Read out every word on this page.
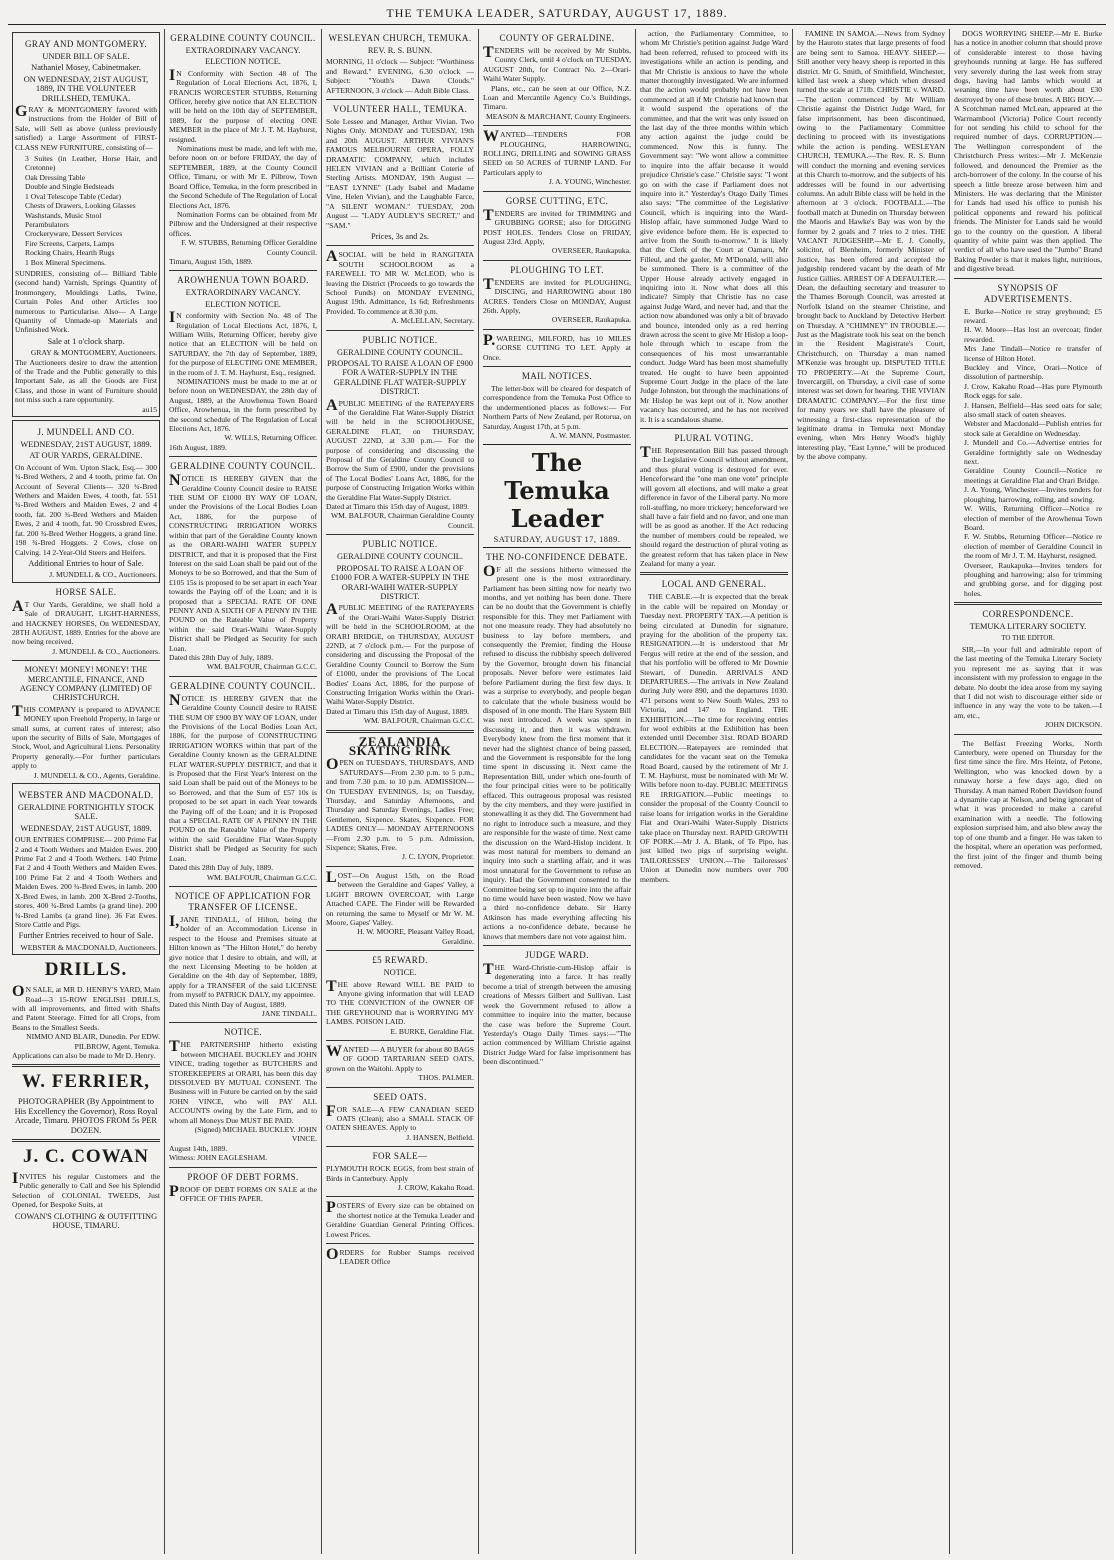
THE TEMUKA LEADER, SATURDAY, AUGUST 17, 1889.
GRAY AND MONTGOMERY.
UNDER BILL OF SALE.
Nathaniel Mosey, Cabinetmaker.
ON WEDNESDAY, 21ST AUGUST, 1889, IN THE VOLUNTEER DRILLSHED, TEMUKA.
GRAY & MONTGOMERY favored with instructions from the Holder of Bill of Sale, will Sell as above (unless previously satisfied) a Large Assortment of FIRST-CLASS NEW FURNITURE, consisting of—
3 Suites (in Leather, Horse Hair, and Cretonne)
Oak Dressing Table
Double and Single Bedsteads
1 Oval Telescope Table (Cedar)
Chests of Drawers, Looking Glasses
Washstands, Music Stool
Perambulators
Crockeryware, Dessert Services
Fire Screens, Carpets, Lamps
Rocking Chairs, Hearth Rugs
1 Box Mineral Specimens.
SUNDRIES, consisting of— Billiard Table (second hand) Varnish, Springs Quantity of Ironmongery, Mouldings Laths, Twine, Curtain Poles And other Articles too numerous to Particularise. Also— A Large Quantity of Unmade-up Materials and Unfinished Work.
Sale at 1 o'clock sharp.
GRAY & MONTGOMERY, Auctioneers.
The Auctioneers desire to draw the attention of the Trade and the Public generally to this Important Sale, as all the Goods are First Class, and those in want of Furniture should not miss such a rare opportunity.
au15
J. MUNDELL AND CO.
WEDNESDAY, 21ST AUGUST, 1889.
AT OUR YARDS, GERALDINE.
On Account of Wm. Upton Slack, Esq.— 300 ¾-Bred Wethers, 2 and 4 tooth, prime fat. On Account of Several Clients— 320 ¾-Bred Wethers and Maiden Ewes, 4 tooth, fat. 551 ¾-Bred Wethers and Maiden Ewes, 2 and 4 tooth, fat. 200 ¾-Bred Wethers and Maiden Ewes, 2 and 4 tooth, fat. 90 Crossbred Ewes, fat. 200 ¾-Bred Wether Hoggets, a grand line. 198 ¾-Bred Hoggets. 2 Cows, close on Calving. 14 2-Year-Old Steers and Heifers.
Additional Entries to hour of Sale.
J. MUNDELL & CO., Auctioneers.
HORSE SALE.
AT Our Yards, Geraldine, we shall hold a Sale of DRAUGHT, LIGHT-HARNESS, and HACKNEY HORSES, On WEDNESDAY, 28TH AUGUST, 1889. Entries for the above are now being received.
J. MUNDELL & CO., Auctioneers.
MONEY! MONEY! MONEY! THE MERCANTILE, FINANCE, AND AGENCY COMPANY (LIMITED) OF CHRISTCHURCH.
THIS COMPANY is prepared to ADVANCE MONEY upon Freehold Property, in large or small sums, at current rates of interest; also upon the security of Bills of Sale, Mortgages of Stock, Wool, and Agricultural Liens. Personality Property generally.—For further particulars apply to
J. MUNDELL & CO., Agents, Geraldine.
WEBSTER AND MACDONALD.
GERALDINE FORTNIGHTLY STOCK SALE.
WEDNESDAY, 21ST AUGUST, 1889.
OUR ENTRIES COMPRISE— 200 Prime Fat 2 and 4 Tooth Wethers and Maiden Ewes. 200 Prime Fat 2 and 4 Tooth Wethers. 140 Prime Fat 2 and 4 Tooth Wethers and Maiden Ewes. 100 Prime Fat 2 and 4 Tooth Wethers and Maiden Ewes. 200 ¾-Bred Ewes, in lamb. 200 X-Bred Ewes, in lamb. 200 X-Bred 2-Tooths, stores. 400 ¾-Bred Lambs (a grand line). 200 ¾-Bred Lambs (a grand line). 36 Fat Ewes. Store Cattle and Pigs.
Further Entries received to hour of Sale.
WEBSTER & MACDONALD, Auctioneers.
DRILLS.
ON SALE, at MR D. HENRY'S YARD, Main Road—3 15-ROW ENGLISH DRILLS, with all improvements, and fitted with Shafts and Patent Steerage. Fitted for all Crops, from Beans to the Smallest Seeds.
NIMMO AND BLAIR, Dunedin. Per EDW. PILBROW, Agent, Temuka.
Applications can also be made to Mr D. Henry.
W. FERRIER,
PHOTOGRAPHER (By Appointment to His Excellency the Governor), Ross Royal Arcade, Timaru. PHOTOS FROM 5s PER DOZEN.
J. C. COWAN
INVITES his regular Customers and the Public generally to Call and See his Splendid Selection of COLONIAL TWEEDS, Just Opened, for Bespoke Suits, at
COWAN'S CLOTHING & OUTFITTING HOUSE, TIMARU.
GERALDINE COUNTY COUNCIL.
EXTRAORDINARY VACANCY.
ELECTION NOTICE.
IN Conformity with Section 48 of The Regulation of Local Elections Act, 1876, I, FRANCIS WORCESTER STUBBS, Returning Officer, hereby give notice that AN ELECTION will be held on the 10th day of SEPTEMBER, 1889, for the purpose of electing ONE MEMBER in the place of Mr J. T. M. Hayhurst, resigned.
Nominations must be made, and left with me, before noon on or before FRIDAY, the day of SEPTEMBER, 1889, at the County Council Office, Timaru, or with Mr E. Pilbrow, Town Board Office, Temuka, in the form prescribed in the Second Schedule of The Regulation of Local Elections Act, 1876.
Nomination Forms can be obtained from Mr Pilbrow and the Undersigned at their respective offices.
F. W. STUBBS, Returning Officer Geraldine County Council.
Timaru, August 15th, 1889.
AROWHENUA TOWN BOARD.
EXTRAORDINARY VACANCY.
ELECTION NOTICE.
IN conformity with Section No. 48 of The Regulation of Local Elections Act, 1876, I, William Wills, Returning Officer, hereby give notice that an ELECTION will be held on SATURDAY, the 7th day of September, 1889, for the purpose of ELECTING ONE MEMBER, in the room of J. T. M. Hayhurst, Esq., resigned.
NOMINATIONS must be made to me at or before noon on WEDNESDAY, the 28th day of August, 1889, at the Arowhenua Town Board Office, Arowhenua, in the form prescribed by the second schedule of The Regulation of Local Elections Act, 1876.
W. WILLS, Returning Officer.
16th August, 1889.
GERALDINE COUNTY COUNCIL.
NOTICE IS HEREBY GIVEN that the Geraldine County Council desire to RAISE THE SUM OF £1000 BY WAY OF LOAN, under the Provisions of the Local Bodies Loan Act, 1886, for the purpose of CONSTRUCTING IRRIGATION WORKS within that part of the Geraldine County known as the ORARI-WAIHI WATER SUPPLY DISTRICT, and that it is proposed that the First Interest on the said Loan shall be paid out of the Moneys to be so Borrowed, and that the Sum of £105 15s is proposed to be set apart in each Year towards the Paying off of the Loan; and it is proposed that a SPECIAL RATE OF ONE PENNY AND A SIXTH OF A PENNY IN THE POUND on the Rateable Value of Property within the said Orari-Waihi Water-Supply District shall be Pledged as Security for such Loan.
Dated this 28th Day of July, 1889.
WM. BALFOUR, Chairman G.C.C.
GERALDINE COUNTY COUNCIL.
NOTICE IS HEREBY GIVEN that the Geraldine County Council desire to RAISE THE SUM OF £900 BY WAY OF LOAN, under the Provisions of the Local Bodies Loan Act, 1886, for the purpose of CONSTRUCTING IRRIGATION WORKS within that part of the Geraldine County known as the GERALDINE FLAT WATER-SUPPLY DISTRICT, and that it is Proposed that the First Year's Interest on the said Loan shall be paid out of the Moneys to be so Borrowed, and that the Sum of £57 10s is proposed to be set apart in each Year towards the Paying off of the Loan; and it is Proposed that a SPECIAL RATE OF A PENNY IN THE POUND on the Rateable Value of the Property within the said Geraldine Flat Water-Supply District shall be Pledged as Security for such Loan.
Dated this 28th Day of July, 1889.
WM. BALFOUR, Chairman G.C.C.
NOTICE OF APPLICATION FOR TRANSFER OF LICENSE.
I,JANE TINDALL, of Hilton, being the holder of an Accommodation License in respect to the House and Premises situate at Hilton known as "The Hilton Hotel," do hereby give notice that I desire to obtain, and will, at the next Licensing Meeting to be holden at Geraldine on the 4th day of September, 1889, apply for a TRANSFER of the said LICENSE from myself to PATRICK DALY, my appointee.
Dated this Ninth Day of August, 1889.
JANE TINDALL.
NOTICE.
THE PARTNERSHIP hitherto existing between MICHAEL BUCKLEY and JOHN VINCE, trading together as BUTCHERS and STOREKEEPERS at ORARI, has been this day DISSOLVED BY MUTUAL CONSENT. The Business will in Future be carried on by the said JOHN VINCE, who will PAY ALL ACCOUNTS owing by the Late Firm, and to whom all Moneys Due MUST BE PAID.
(Signed) MICHAEL BUCKLEY. JOHN VINCE.
August 14th, 1889.
Witness: JOHN EAGLESHAM.
PROOF OF DEBT FORMS.
PROOF OF DEBT FORMS ON SALE at the OFFICE OF THIS PAPER.
WESLEYAN CHURCH, TEMUKA.
REV. R. S. BUNN.
MORNING, 11 o'clock — Subject: "Worthiness and Reward." EVENING, 6.30 o'clock — Subject: "Youth's Dawn Clouds." AFTERNOON, 3 o'clock — Adult Bible Class.
VOLUNTEER HALL, TEMUKA.
Sole Lessee and Manager, Arthur Vivian. Two Nights Only. MONDAY and TUESDAY, 19th and 20th AUGUST. ARTHUR VIVIAN'S FAMOUS MELBOURNE OPERA, FOLLY DRAMATIC COMPANY, which includes HELEN VIVIAN and a Brilliant Coterie of Sterling Artists. MONDAY, 19th August — "EAST LYNNE" (Lady Isabel and Madame Vine, Helen Vivian), and the Laughable Farce, "A SILENT WOMAN." TUESDAY, 20th August — "LADY AUDLEY'S SECRET," and "SAM."
Prices, 3s and 2s.
ASOCIAL will be held in RANGITATA SOUTH SCHOOLROOM as a FAREWELL TO MR W. McLEOD, who is leaving the District (Proceeds to go towards the School Funds) on MONDAY EVENING, August 19th. Admittance, 1s 6d; Refreshments Provided. To commence at 8.30 p.m.
A. McLELLAN, Secretary.
PUBLIC NOTICE.
GERALDINE COUNTY COUNCIL.
PROPOSAL TO RAISE A LOAN OF £900 FOR A WATER-SUPPLY IN THE GERALDINE FLAT WATER-SUPPLY DISTRICT.
APUBLIC MEETING of the RATEPAYERS of the Geraldine Flat Water-Supply District will be held in the SCHOOLHOUSE, GERALDINE FLAT, on THURSDAY, AUGUST 22ND, at 3.30 p.m.— For the purpose of considering and discussing the Proposal of the Geraldine County Council to Borrow the Sum of £900, under the provisions of The Local Bodies' Loans Act, 1886, for the purpose of Constructing Irrigation Works within the Geraldine Flat Water-Supply District.
Dated at Timaru this 15th day of August, 1889.
WM. BALFOUR, Chairman Geraldine County Council.
PUBLIC NOTICE.
GERALDINE COUNTY COUNCIL.
PROPOSAL TO RAISE A LOAN OF £1000 FOR A WATER-SUPPLY IN THE ORARI-WAIHI WATER-SUPPLY DISTRICT.
APUBLIC MEETING of the RATEPAYERS of the Orari-Waihi Water-Supply District will be held in the SCHOOLROOM, at the ORARI BRIDGE, on THURSDAY, AUGUST 22ND, at 7 o'clock p.m.— For the purpose of considering and discussing the Proposal of the Geraldine County Council to Borrow the Sum of £1000, under the provisions of The Local Bodies' Loans Act, 1886, for the purpose of Constructing Irrigation Works within the Orari-Waihi Water-Supply District.
Dated at Timaru this 15th day of August, 1889.
WM. BALFOUR, Chairman G.C.C.
ZEALANDIA SKATING RINK
OPEN on TUESDAYS, THURSDAYS, AND SATURDAYS—From 2.30 p.m. to 5 p.m., and from 7.30 p.m. to 10 p.m. ADMISSION—On TUESDAY EVENINGS, 1s; on Tuesday, Thursday, and Saturday Afternoons, and Thursday and Saturday Evenings, Ladies Free; Gentlemen, Sixpence. Skates, Sixpence. FOR LADIES ONLY— MONDAY AFTERNOONS—From 2.30 p.m. to 5 p.m. Admission, Sixpence; Skates, Free.
J. C. LYON, Proprietor.
LOST—On August 15th, on the Road between the Geraldine and Gapes' Valley, a LIGHT BROWN OVERCOAT, with Large Attached CAPE. The Finder will be Rewarded on returning the same to Myself or Mr W. M. Moore, Gapes' Valley.
H. W. MOORE, Pleasant Valley Road, Geraldine.
£5 REWARD.
NOTICE.
THE above Reward WILL BE PAID to Anyone giving information that will LEAD TO THE CONVICTION of the OWNER OF THE GREYHOUND that is WORRYING MY LAMBS. POISON LAID.
E. BURKE, Geraldine Flat.
WANTED — A BUYER for about 80 BAGS OF GOOD TARTARIAN SEED OATS, grown on the Waitohi. Apply to
THOS. PALMER.
SEED OATS.
FOR SALE—A FEW CANADIAN SEED OATS (Clean); also a SMALL STACK OF OATEN SHEAVES. Apply to
J. HANSEN, Belfield.
FOR SALE—
PLYMOUTH ROCK EGGS, from best strain of Birds in Canterbury. Apply
J. CROW, Kakahu Road.
POSTERS of Every size can be obtained on the shortest notice at the Temuka Leader and Geraldine Guardian General Printing Offices. Lowest Prices.
ORDERS for Rubber Stamps received LEADER Office
COUNTY OF GERALDINE.
TENDERS will be received by Mr Stubbs, County Clerk, until 4 o'clock on TUESDAY, AUGUST 20th, for Contract No. 2—Orari-Waihi Water Supply.
Plans, etc., can be seen at our Office, N.Z. Loan and Mercantile Agency Co.'s Buildings, Timaru.
MEASON & MARCHANT, County Engineers.
WANTED—TENDERS FOR PLOUGHING, HARROWING, ROLLING, DRILLING and SOWING GRASS SEED on 50 ACRES of TURNIP LAND. For Particulars apply to
J. A. YOUNG, Winchester.
GORSE CUTTING, ETC.
TENDERS are invited for TRIMMING and GRUBBING GORSE; also for DIGGING POST HOLES. Tenders Close on FRIDAY, August 23rd. Apply,
OVERSEER, Raukapuka.
PLOUGHING TO LET.
TENDERS are invited for PLOUGHING, DISCING, and HARROWING about 180 ACRES. Tenders Close on MONDAY, August 26th. Apply,
OVERSEER, Raukapuka.
P.WAREING, MILFORD, has 10 MILES GORSE CUTTING TO LET. Apply at Once.
MAIL NOTICES.
The letter-box will be cleared for despatch of correspondence from the Temuka Post Office to the undermentioned places as follows:— For Northern Parts of New Zealand, per Rotorua, on Saturday, August 17th, at 5 p.m.
A. W. MANN, Postmaster.
The Temuka Leader
SATURDAY, AUGUST 17, 1889.
THE NO-CONFIDENCE DEBATE.
OF all the sessions hitherto witnessed the present one is the most extraordinary. Parliament has been sitting now for nearly two months, and yet nothing has been done. There can be no doubt that the Government is chiefly responsible for this. They met Parliament with not one measure ready. They had absolutely no business to lay before members, and consequently the Premier, finding the House refused to discuss the rubbishy speech delivered by the Governor, brought down his financial proposals. Never before were estimates laid before Parliament during the first few days. It was a surprise to everybody, and people began to calculate that the whole business would be disposed of in one month. The Hare System Bill was next introduced. A week was spent in discussing it, and then it was withdrawn. Everybody knew from the first moment that it never had the slightest chance of being passed, and the Government is responsible for the long time spent in discussing it. Next came the Representation Bill, under which one-fourth of the four principal cities were to be politically effaced. This outrageous proposal was resisted by the city members, and they were justified in stonewalling it as they did. The Government had no right to introduce such a measure, and they are responsible for the waste of time. Next came the discussion on the Ward-Hislop incident. It was most natural for members to demand an inquiry into such a startling affair, and it was most unnatural for the Government to refuse an inquiry. Had the Government consented to the Committee being set up to inquire into the affair no time would have been wasted. Now we have a third no-confidence debate. Sir Harry Atkinson has made everything affecting his actions a no-confidence debate, because he knows that members dare not vote against him.
JUDGE WARD.
THE Ward-Christie-cum-Hislop affair is degenerating into a farce. It has really become a trial of strength between the amusing creations of Messrs Gilbert and Sullivan. Last week the Government refused to allow a committee to inquire into the matter, because the case was before the Supreme Court. Yesterday's Otago Daily Times says:—"The action commenced by William Christie against District Judge Ward for false imprisonment has been discontinued."
action, the Parliamentary Committee, to whom Mr Christie's petition against Judge Ward had been referred, refused to proceed with its investigations while an action is pending, and that Mr Christie is anxious to have the whole matter thoroughly investigated. We are informed that the action would probably not have been commenced at all if Mr Christie had known that it would suspend the operations of the committee, and that the writ was only issued on the last day of the three months within which any action against the judge could be commenced. Now this is funny. The Government say: "We wont allow a committee to inquire into the affair because it would prejudice Christie's case." Christie says: "I wont go on with the case if Parliament does not inquire into it." Yesterday's Otago Daily Times also says: "The committee of the Legislative Council, which is inquiring into the Ward-Hislop affair, have summoned Judge Ward to give evidence before them. He is expected to arrive from the South to-morrow." It is likely that the Clerk of the Court at Oamaru, Mr Filleul, and the gaoler, Mr M'Donald, will also be summoned. There is a committee of the Upper House already actively engaged in inquiring into it. Now what does all this indicate? Simply that Christie has no case against Judge Ward, and never had, and that the action now abandoned was only a bit of bravado and bounce, intended only as a red herring drawn across the scent to give Mr Hislop a loop-hole through which to escape from the consequences of his most unwarrantable conduct. Judge Ward has been most shamefully treated. He ought to have been appointed Supreme Court Judge in the place of the late Judge Johnston, but through the machinations of Mr Hislop he was kept out of it. Now another vacancy has occurred, and he has not received it. It is a scandalous shame.
PLURAL VOTING.
THE Representation Bill has passed through the Legislative Council without amendment, and thus plural voting is destroyed for ever. Henceforward the "one man one vote" principle will govern all elections, and will make a great difference in favor of the Liberal party. No more roll-stuffing, no more trickery; henceforward we shall have a fair field and no favor, and one man will be as good as another. If the Act reducing the number of members could be repealed, we should regard the destruction of plural voting as the greatest reform that has taken place in New Zealand for many a year.
LOCAL AND GENERAL.
THE CABLE.—It is expected that the break in the cable will be repaired on Monday or Tuesday next. PROPERTY TAX.—A petition is being circulated at Dunedin for signature, praying for the abolition of the property tax. RESIGNATION.—It is understood that Mr Fergus will retire at the end of the session, and that his portfolio will be offered to Mr Downie Stewart, of Dunedin. ARRIVALS AND DEPARTURES.—The arrivals in New Zealand during July were 890, and the departures 1030. 471 persons went to New South Wales, 293 to Victoria, and 147 to England. THE EXHIBITION.—The time for receiving entries for wool exhibits at the Exhibition has been extended until December 31st. ROAD BOARD ELECTION.—Ratepayers are reminded that candidates for the vacant seat on the Temuka Road Board, caused by the retirement of Mr J. T. M. Hayhurst, must be nominated with Mr W. Wills before noon to-day. PUBLIC MEETINGS RE IRRIGATION.—Public meetings to consider the proposal of the County Council to raise loans for irrigation works in the Geraldine Flat and Orari-Waihi Water-Supply Districts take place on Thursday next. RAPID GROWTH OF PORK.—Mr J. A. Blank, of Te Pipo, has just killed two pigs of surprising weight. TAILORESSES' UNION.—The Tailoresses' Union at Dunedin now numbers over 700 members.
FAMINE IN SAMOA.—News from Sydney by the Hauroto states that large presents of food are being sent to Samoa. HEAVY SHEEP.—Still another very heavy sheep is reported in this district. Mr G. Smith, of Smithfield, Winchester, killed last week a sheep which when dressed turned the scale at 171lb. CHRISTIE v. WARD.—The action commenced by Mr William Christie against the District Judge Ward, for false imprisonment, has been discontinued, owing to the Parliamentary Committee declining to proceed with its investigations while the action is pending. WESLEYAN CHURCH, TEMUKA.—The Rev. R. S. Bunn will conduct the morning and evening services at this Church to-morrow, and the subjects of his addresses will be found in our advertising columns. An adult Bible class will be held in the afternoon at 3 o'clock. FOOTBALL.—The football match at Dunedin on Thursday between the Maoris and Hawke's Bay was won by the former by 2 goals and 7 tries to 2 tries. THE VACANT JUDGESHIP.—Mr E. J. Conolly, solicitor, of Blenheim, formerly Minister of Justice, has been offered and accepted the judgeship rendered vacant by the death of Mr Justice Gillies. ARREST OF A DEFAULTER.—Dean, the defaulting secretary and treasurer to the Thames Borough Council, was arrested at Norfolk Island on the steamer Christine, and brought back to Auckland by Detective Herbert on Thursday. A "CHIMNEY" IN TROUBLE.—Just as the Magistrate took his seat on the bench in the Resident Magistrate's Court, Christchurch, on Thursday a man named M'Kenzie was brought up. DISPUTED TITLE TO PROPERTY.—At the Supreme Court, Invercargill, on Thursday, a civil case of some interest was set down for hearing. THE VIVIAN DRAMATIC COMPANY.—For the first time for many years we shall have the pleasure of witnessing a first-class representation of the legitimate drama in Temuka next Monday evening, when Mrs Henry Wood's highly interesting play, "East Lynne," will be produced by the above company.
DOGS WORRYING SHEEP.—Mr E. Burke has a notice in another column that should prove of considerable interest to those having greyhounds running at large. He has suffered very severely during the last week from stray dogs, having had lambs which would at weaning time have been worth about £30 destroyed by one of these brutes. A BIG BOY.—A Scotchman named McLean, appeared at the Warrnambool (Victoria) Police Court recently for not sending his child to school for the required number of days. CORRUPTION.—The Wellington correspondent of the Christchurch Press writes:—Mr J. McKenzie followed, and denounced the Premier as the arch-borrower of the colony. In the course of his speech a little breeze arose between him and Ministers. He was declaring that the Minister for Lands had used his office to punish his political opponents and reward his political friends. The Minister for Lands said he would go to the country on the question. A liberal quantity of white paint was then applied. The verdict of all who have used the "Jumbo" Brand Baking Powder is that it makes light, nutritious, and digestive bread.
SYNOPSIS OF ADVERTISEMENTS.
E. Burke—Notice re stray greyhound; £5 reward.
H. W. Moore—Has lost an overcoat; finder rewarded.
Mrs Jane Tindall—Notice re transfer of license of Hilton Hotel.
Buckley and Vince, Orari—Notice of dissolution of partnership.
J. Crow, Kakahu Road—Has pure Plymouth Rock eggs for sale.
J. Hansen, Belfield—Has seed oats for sale; also small stack of oaten sheaves.
Webster and Macdonald—Publish entries for stock sale at Geraldine on Wednesday.
J. Mundell and Co.—Advertise entries for Geraldine fortnightly sale on Wednesday next.
Geraldine County Council—Notice re meetings at Geraldine Flat and Orari Bridge.
J. A. Young, Winchester—Invites tenders for ploughing, harrowing, rolling, and sowing.
W. Wills, Returning Officer—Notice re election of member of the Arowhenua Town Board.
F. W. Stubbs, Returning Officer—Notice re election of member of Geraldine Council in the room of Mr J. T. M. Hayhurst, resigned.
Overseer, Raukapuka—Invites tenders for ploughing and harrowing; also for trimming and grubbing gorse, and for digging post holes.
CORRESPONDENCE.
TEMUKA LITERARY SOCIETY.
TO THE EDITOR.
SIR,—In your full and admirable report of the last meeting of the Temuka Literary Society you represent me as saying that it was inconsistent with my profession to engage in the debate. No doubt the idea arose from my saying that I did not wish to discourage either side or influence in any way the vote to be taken.—I am, etc.,
JOHN DICKSON.
The Belfast Freezing Works, North Canterbury, were opened on Thursday for the first time since the fire. Mrs Heintz, of Petone, Wellington, who was knocked down by a runaway horse a few days ago, died on Thursday. A man named Robert Davidson found a dynamite cap at Nelson, and being ignorant of what it was proceeded to make a careful examination with a needle. The following explosion surprised him, and also blew away the top of one thumb and a finger. He was taken to the hospital, where an operation was performed, the first joint of the finger and thumb being removed.
